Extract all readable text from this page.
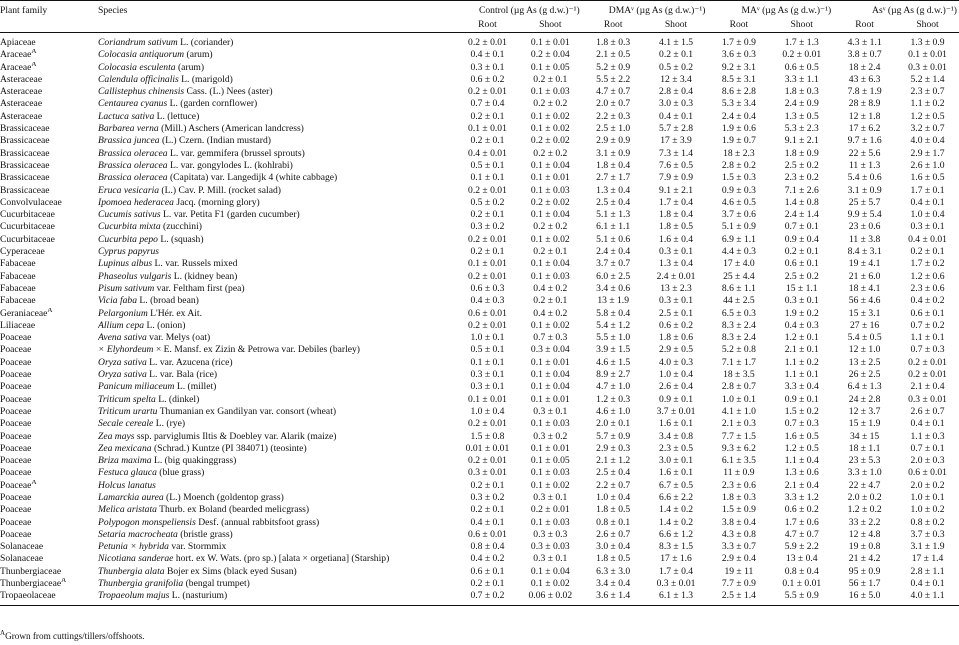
Plant family	Species	Control (µg As (g d.w.)⁻¹)		DMAᵛ (µg As (g d.w.)⁻¹)		MAᵛ (µg As (g d.w.)⁻¹)		Asᵛ (µg As (g d.w.)⁻¹)	
		Root	Shoot	Root	Shoot	Root	Shoot	Root	Shoot
Apiaceae	Coriandrum sativum L. (coriander)	0.2 ± 0.01	0.1 ± 0.01	1.8 ± 0.3	4.1 ± 1.5	1.7 ± 0.9	1.7 ± 1.3	4.3 ± 1.1	1.3 ± 0.9
Araceae$^A$	Colocasia antiquorum (arum)	0.4 ± 0.1	0.2 ± 0.04	2.1 ± 0.5	0.2 ± 0.1	3.6 ± 0.3	0.2 ± 0.01	3.8 ± 0.7	0.1 ± 0.01
Araceae$^A$	Colocasia esculenta (arum)	0.3 ± 0.1	0.1 ± 0.05	5.2 ± 0.9	0.5 ± 0.2	9.2 ± 3.1	0.6 ± 0.5	18 ± 2.4	0.3 ± 0.01
Asteraceae	Calendula officinalis L. (marigold)	0.6 ± 0.2	0.2 ± 0.1	5.5 ± 2.2	12 ± 3.4	8.5 ± 3.1	3.3 ± 1.1	43 ± 6.3	5.2 ± 1.4
Asteraceae	Callistephus chinensis Cass. (L.) Nees (aster)	0.2 ± 0.01	0.1 ± 0.03	4.7 ± 0.7	2.8 ± 0.4	8.6 ± 2.8	1.8 ± 0.3	7.8 ± 1.9	2.3 ± 0.7
Asteraceae	Centaurea cyanus L. (garden cornflower)	0.7 ± 0.4	0.2 ± 0.2	2.0 ± 0.7	3.0 ± 0.3	5.3 ± 3.4	2.4 ± 0.9	28 ± 8.9	1.1 ± 0.2
Asteraceae	Lactuca sativa L. (lettuce)	0.2 ± 0.1	0.1 ± 0.02	2.2 ± 0.3	0.4 ± 0.1	2.4 ± 0.4	1.3 ± 0.5	12 ± 1.8	1.2 ± 0.5
Brassicaceae	Barbarea verna (Mill.) Aschers (American landcress)	0.1 ± 0.01	0.1 ± 0.02	2.5 ± 1.0	5.7 ± 2.8	1.9 ± 0.6	5.3 ± 2.3	17 ± 6.2	3.2 ± 0.7
Brassicaceae	Brassica juncea (L.) Czern. (Indian mustard)	0.2 ± 0.1	0.2 ± 0.02	2.9 ± 0.9	17 ± 3.9	1.9 ± 0.7	9.1 ± 2.1	9.7 ± 1.6	4.0 ± 0.4
Brassicaceae	Brassica oleracea L. var. gemmifera (brussel sprouts)	0.4 ± 0.01	0.2 ± 0.2	3.1 ± 0.9	7.3 ± 1.4	18 ± 2.3	1.8 ± 0.9	22 ± 5.6	2.9 ± 1.7
Brassicaceae	Brassica oleracea L. var. gongylodes L. (kohlrabi)	0.5 ± 0.1	0.1 ± 0.04	1.8 ± 0.4	7.6 ± 0.5	2.8 ± 0.2	2.5 ± 0.2	11 ± 1.3	2.6 ± 1.0
Brassicaceae	Brassica oleracea (Capitata) var. Langedijk 4 (white cabbage)	0.1 ± 0.1	0.1 ± 0.01	2.7 ± 1.7	7.9 ± 0.9	1.5 ± 0.3	2.3 ± 0.2	5.4 ± 0.6	1.6 ± 0.5
Brassicaceae	Eruca vesicaria (L.) Cav. P. Mill. (rocket salad)	0.2 ± 0.01	0.1 ± 0.03	1.3 ± 0.4	9.1 ± 2.1	0.9 ± 0.3	7.1 ± 2.6	3.1 ± 0.9	1.7 ± 0.1
Convolvulaceae	Ipomoea hederacea Jacq. (morning glory)	0.5 ± 0.2	0.2 ± 0.02	2.5 ± 0.4	1.7 ± 0.4	4.6 ± 0.5	1.4 ± 0.8	25 ± 5.7	0.4 ± 0.1
Cucurbitaceae	Cucumis sativus L. var. Petita F1 (garden cucumber)	0.2 ± 0.1	0.1 ± 0.04	5.1 ± 1.3	1.8 ± 0.4	3.7 ± 0.6	2.4 ± 1.4	9.9 ± 5.4	1.0 ± 0.4
Cucurbitaceae	Cucurbita mixta (zucchini)	0.3 ± 0.2	0.2 ± 0.2	6.1 ± 1.1	1.8 ± 0.5	5.1 ± 0.9	0.7 ± 0.1	23 ± 0.6	0.3 ± 0.1
Cucurbitaceae	Cucurbita pepo L. (squash)	0.2 ± 0.01	0.1 ± 0.02	5.1 ± 0.6	1.6 ± 0.4	6.9 ± 1.1	0.9 ± 0.4	11 ± 3.8	0.4 ± 0.01
Cyperaceae	Cyprus papyrus	0.2 ± 0.1	0.2 ± 0.1	2.4 ± 0.4	0.3 ± 0.1	4.4 ± 0.3	0.2 ± 0.1	8.4 ± 3.1	0.2 ± 0.1
Fabaceae	Lupinus albus L. var. Russels mixed	0.1 ± 0.01	0.1 ± 0.04	3.7 ± 0.7	1.3 ± 0.4	17 ± 4.0	0.6 ± 0.1	19 ± 4.1	1.7 ± 0.2
Fabaceae	Phaseolus vulgaris L. (kidney bean)	0.2 ± 0.01	0.1 ± 0.03	6.0 ± 2.5	2.4 ± 0.01	25 ± 4.4	2.5 ± 0.2	21 ± 6.0	1.2 ± 0.6
Fabaceae	Pisum sativum var. Feltham first (pea)	0.6 ± 0.3	0.4 ± 0.2	3.4 ± 0.6	13 ± 2.3	8.6 ± 1.1	15 ± 1.1	18 ± 4.1	2.3 ± 0.6
Fabaceae	Vicia faba L. (broad bean)	0.4 ± 0.3	0.2 ± 0.1	13 ± 1.9	0.3 ± 0.1	44 ± 2.5	0.3 ± 0.1	56 ± 4.6	0.4 ± 0.2
Geraniaceae$^A$	Pelargonium L'Hér. ex Ait.	0.6 ± 0.01	0.4 ± 0.2	5.8 ± 0.4	2.5 ± 0.1	6.5 ± 0.3	1.9 ± 0.2	15 ± 3.1	0.6 ± 0.1
Liliaceae	Allium cepa L. (onion)	0.2 ± 0.01	0.1 ± 0.02	5.4 ± 1.2	0.6 ± 0.2	8.3 ± 2.4	0.4 ± 0.3	27 ± 16	0.7 ± 0.2
Poaceae	Avena sativa var. Melys (oat)	1.0 ± 0.1	0.7 ± 0.3	5.5 ± 1.0	1.8 ± 0.6	8.3 ± 2.4	1.2 ± 0.1	5.4 ± 0.5	1.1 ± 0.1
Poaceae	× Elyhordeum × E. Mansf. ex Zizin & Petrowa var. Debiles (barley)	0.5 ± 0.1	0.3 ± 0.04	3.9 ± 1.5	2.9 ± 0.5	5.2 ± 0.8	2.1 ± 0.1	12 ± 1.0	0.7 ± 0.3
Poaceae	Oryza sativa L. var. Azucena (rice)	0.1 ± 0.1	0.1 ± 0.01	4.6 ± 1.5	4.0 ± 0.3	7.1 ± 1.7	1.1 ± 0.2	13 ± 2.5	0.2 ± 0.01
Poaceae	Oryza sativa L. var. Bala (rice)	0.3 ± 0.1	0.1 ± 0.04	8.9 ± 2.7	1.0 ± 0.4	18 ± 3.5	1.1 ± 0.1	26 ± 2.5	0.2 ± 0.01
Poaceae	Panicum miliaceum L. (millet)	0.3 ± 0.1	0.1 ± 0.04	4.7 ± 1.0	2.6 ± 0.4	2.8 ± 0.7	3.3 ± 0.4	6.4 ± 1.3	2.1 ± 0.4
Poaceae	Triticum spelta L. (dinkel)	0.1 ± 0.01	0.1 ± 0.01	1.2 ± 0.3	0.9 ± 0.1	1.0 ± 0.1	0.9 ± 0.1	24 ± 2.8	0.3 ± 0.01
Poaceae	Triticum urartu Thumanian ex Gandilyan var. consort (wheat)	1.0 ± 0.4	0.3 ± 0.1	4.6 ± 1.0	3.7 ± 0.01	4.1 ± 1.0	1.5 ± 0.2	12 ± 3.7	2.6 ± 0.7
Poaceae	Secale cereale L. (rye)	0.2 ± 0.01	0.1 ± 0.03	2.0 ± 0.1	1.6 ± 0.1	2.1 ± 0.3	0.7 ± 0.3	15 ± 1.9	0.4 ± 0.1
Poaceae	Zea mays ssp. parviglumis Iltis & Doebley var. Alarik (maize)	1.5 ± 0.8	0.3 ± 0.2	5.7 ± 0.9	3.4 ± 0.8	7.7 ± 1.5	1.6 ± 0.5	34 ± 15	1.1 ± 0.3
Poaceae	Zea mexicana (Schrad.) Kuntze (PI 384071) (teosinte)	0.01 ± 0.01	0.1 ± 0.01	2.9 ± 0.3	2.3 ± 0.5	9.3 ± 6.2	1.2 ± 0.5	18 ± 1.1	0.7 ± 0.1
Poaceae	Briza maxima L. (big quakinggrass)	0.2 ± 0.01	0.1 ± 0.05	2.1 ± 1.2	3.0 ± 0.1	6.1 ± 3.5	1.1 ± 0.4	23 ± 5.3	2.0 ± 0.3
Poaceae	Festuca glauca (blue grass)	0.3 ± 0.01	0.1 ± 0.03	2.5 ± 0.4	1.6 ± 0.1	11 ± 0.9	1.3 ± 0.6	3.3 ± 1.0	0.6 ± 0.01
Poaceae$^A$	Holcus lanatus	0.2 ± 0.1	0.1 ± 0.02	2.2 ± 0.7	6.7 ± 0.5	2.3 ± 0.6	2.1 ± 0.4	22 ± 4.7	2.0 ± 0.2
Poaceae	Lamarckia aurea (L.) Moench (goldentop grass)	0.3 ± 0.2	0.3 ± 0.1	1.0 ± 0.4	6.6 ± 2.2	1.8 ± 0.3	3.3 ± 1.2	2.0 ± 0.2	1.0 ± 0.1
Poaceae	Melica aristata Thurb. ex Boland (bearded melicgrass)	0.2 ± 0.1	0.2 ± 0.01	1.8 ± 0.5	1.4 ± 0.2	1.5 ± 0.9	0.6 ± 0.2	1.2 ± 0.2	1.0 ± 0.2
Poaceae	Polypogon monspeliensis Desf. (annual rabbitsfoot grass)	0.4 ± 0.1	0.1 ± 0.03	0.8 ± 0.1	1.4 ± 0.2	3.8 ± 0.4	1.7 ± 0.6	33 ± 2.2	0.8 ± 0.2
Poaceae	Setaria macrocheata (bristle grass)	0.6 ± 0.01	0.3 ± 0.3	2.6 ± 0.7	6.6 ± 1.2	4.3 ± 0.8	4.7 ± 0.7	12 ± 4.8	3.7 ± 0.3
Solanaceae	Petunia × hybrida var. Stormmix	0.8 ± 0.4	0.3 ± 0.03	3.0 ± 0.4	8.3 ± 1.5	3.3 ± 0.7	5.9 ± 2.2	19 ± 0.8	3.1 ± 1.9
Solanaceae	Nicotiana sanderae hort. ex W. Wats. (pro sp.) [alata × orgetiana] (Starship)	0.4 ± 0.2	0.3 ± 0.1	1.8 ± 0.5	17 ± 1.6	2.9 ± 0.4	13 ± 0.4	21 ± 4.2	17 ± 1.4
Thunbergiaceae	Thunbergia alata Bojer ex Sims (black eyed Susan)	0.6 ± 0.1	0.1 ± 0.04	6.3 ± 3.0	1.7 ± 0.4	19 ± 11	0.8 ± 0.4	95 ± 0.9	2.8 ± 1.1
Thunbergiaceae$^A$	Thunbergia granifolia (bengal trumpet)	0.2 ± 0.1	0.1 ± 0.02	3.4 ± 0.4	0.3 ± 0.01	7.7 ± 0.9	0.1 ± 0.01	56 ± 1.7	0.4 ± 0.1
Tropaeolaceae	Tropaeolum majus L. (nasturium)	0.7 ± 0.2	0.06 ± 0.02	3.6 ± 1.4	6.1 ± 1.3	2.5 ± 1.4	5.5 ± 0.9	16 ± 5.0	4.0 ± 1.1
$^A$Grown from cuttings/tillers/offshoots.
